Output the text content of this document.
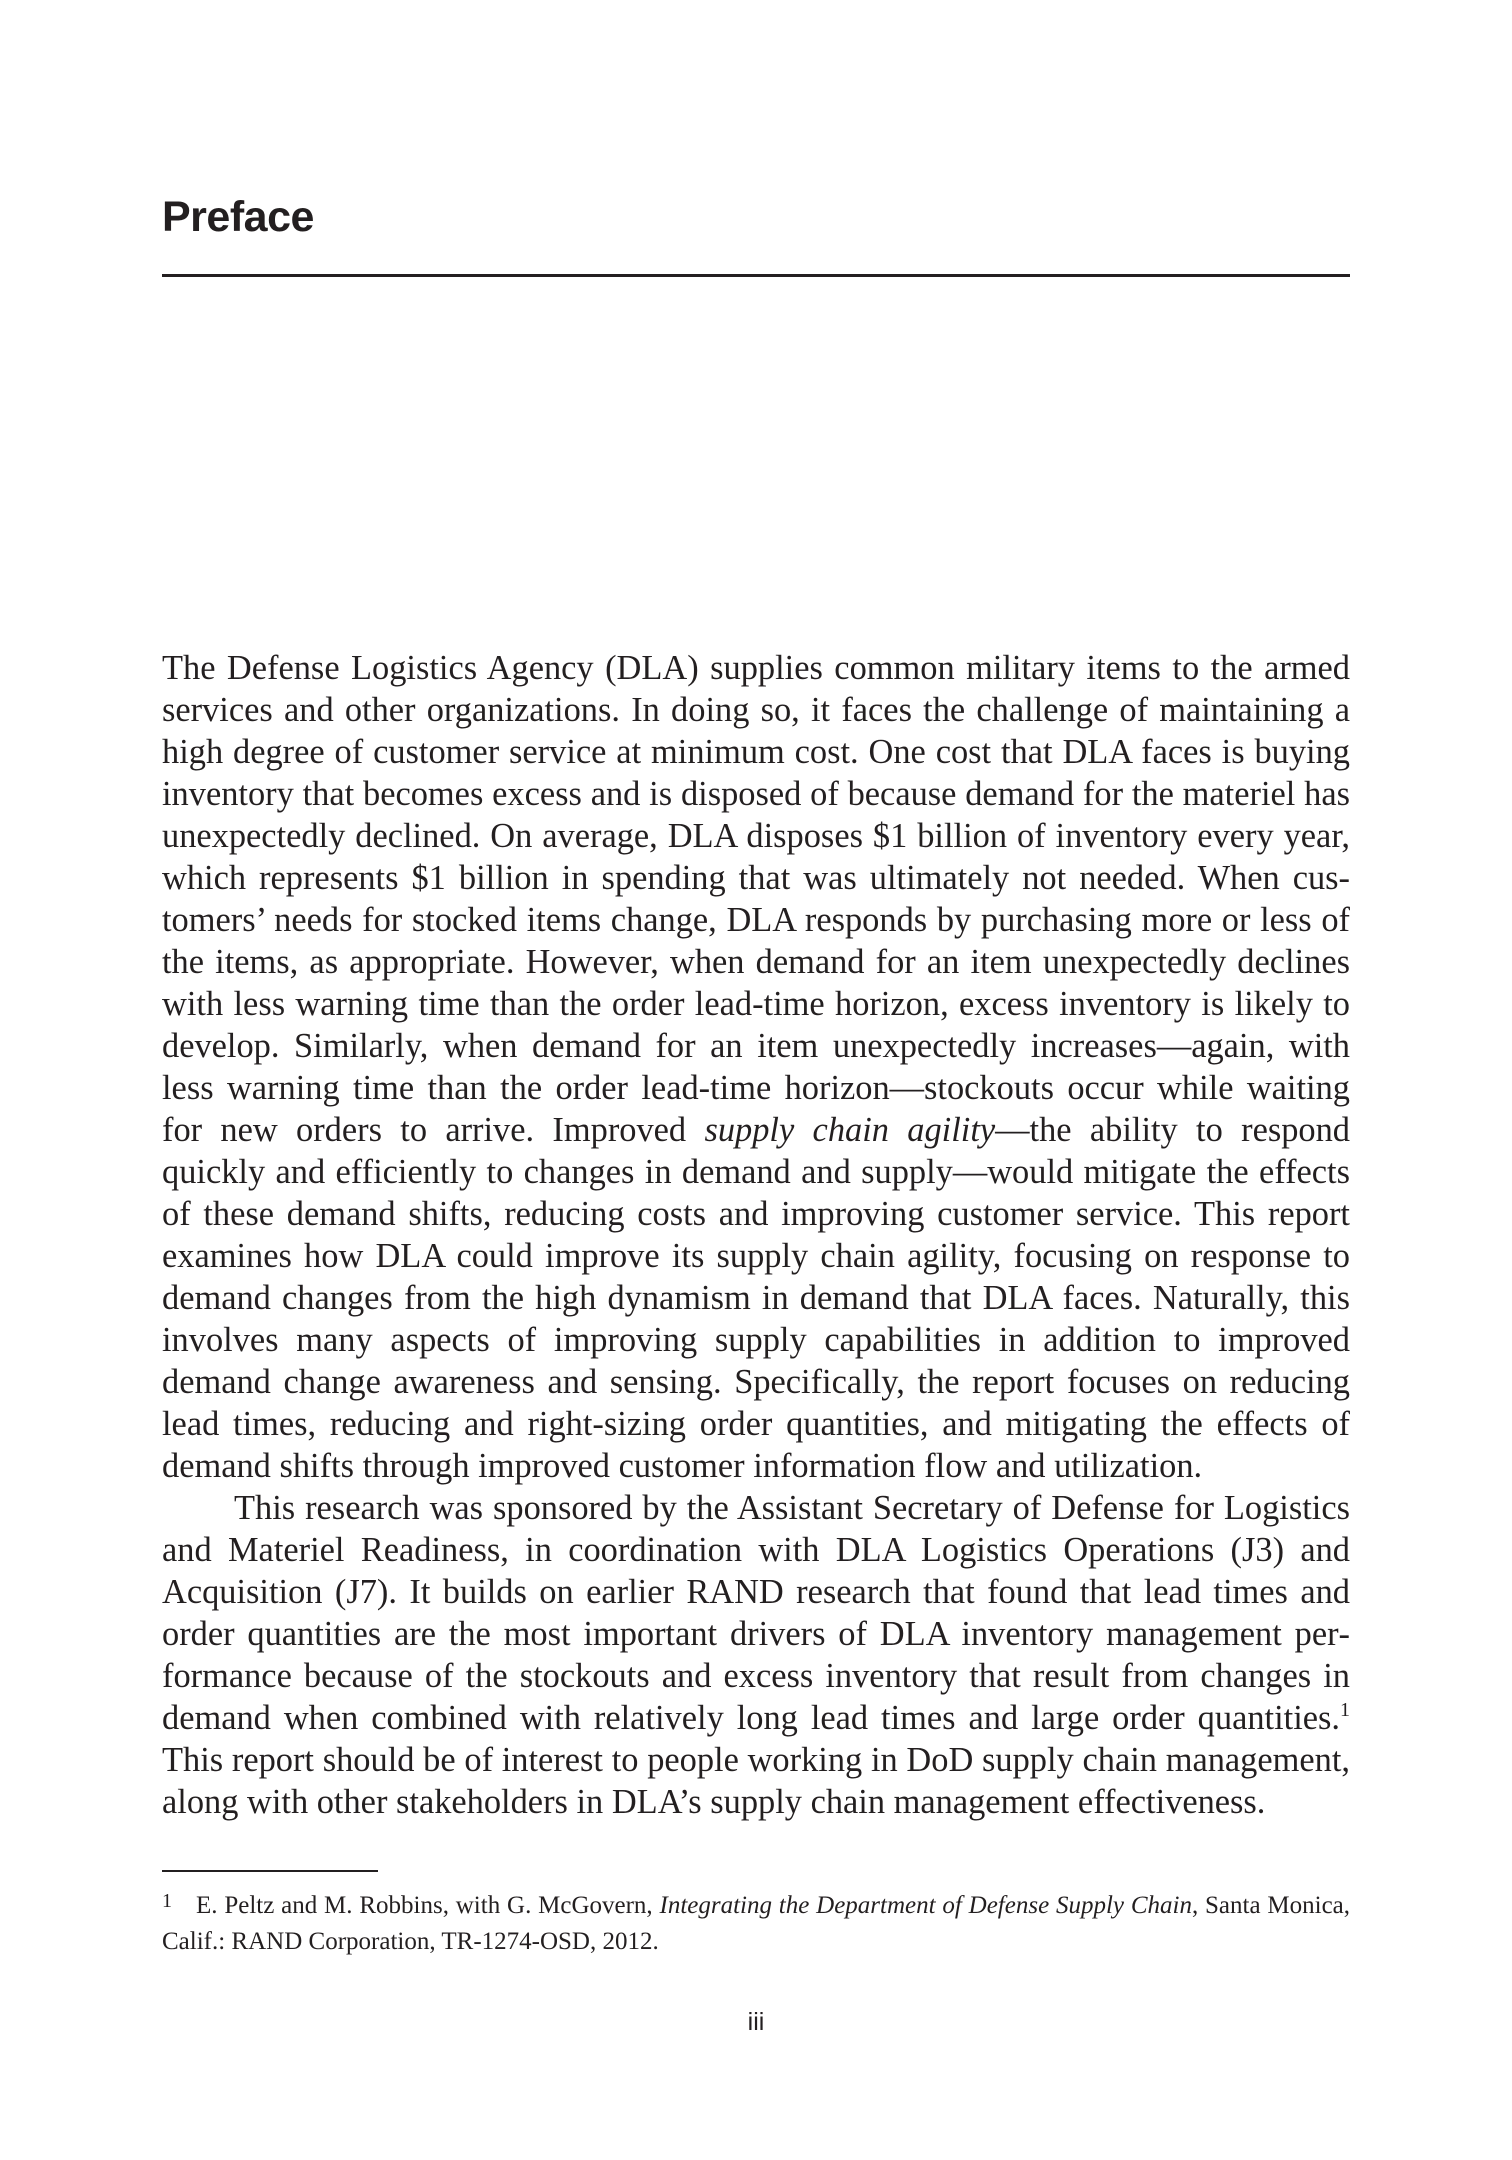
Preface

The Defense Logistics Agency (DLA) supplies common military items to the armed services and other organizations. In doing so, it faces the challenge of maintaining a high degree of customer service at minimum cost. One cost that DLA faces is buying inventory that becomes excess and is disposed of because demand for the materiel has unexpectedly declined. On average, DLA disposes $1 billion of inventory every year, which represents $1 billion in spending that was ultimately not needed. When customers’ needs for stocked items change, DLA responds by purchasing more or less of the items, as appropriate. However, when demand for an item unexpectedly declines with less warning time than the order lead-time horizon, excess inventory is likely to develop. Similarly, when demand for an item unexpectedly increases—again, with less warning time than the order lead-time horizon—stockouts occur while waiting for new orders to arrive. Improved supply chain agility—the ability to respond quickly and efficiently to changes in demand and supply—would mitigate the effects of these demand shifts, reducing costs and improving customer service. This report examines how DLA could improve its supply chain agility, focusing on response to demand changes from the high dynamism in demand that DLA faces. Naturally, this involves many aspects of improving supply capabilities in addition to improved demand change awareness and sensing. Specifically, the report focuses on reducing lead times, reducing and right-sizing order quantities, and mitigating the effects of demand shifts through improved customer information flow and utilization.

This research was sponsored by the Assistant Secretary of Defense for Logistics and Materiel Readiness, in coordination with DLA Logistics Operations (J3) and Acquisition (J7). It builds on earlier RAND research that found that lead times and order quantities are the most important drivers of DLA inventory management performance because of the stockouts and excess inventory that result from changes in demand when combined with relatively long lead times and large order quantities.$^1$ This report should be of interest to people working in DoD supply chain management, along with other stakeholders in DLA’s supply chain management effectiveness.

1 E. Peltz and M. Robbins, with G. McGovern, Integrating the Department of Defense Supply Chain, Santa Monica, Calif.: RAND Corporation, TR-1274-OSD, 2012.

iii
